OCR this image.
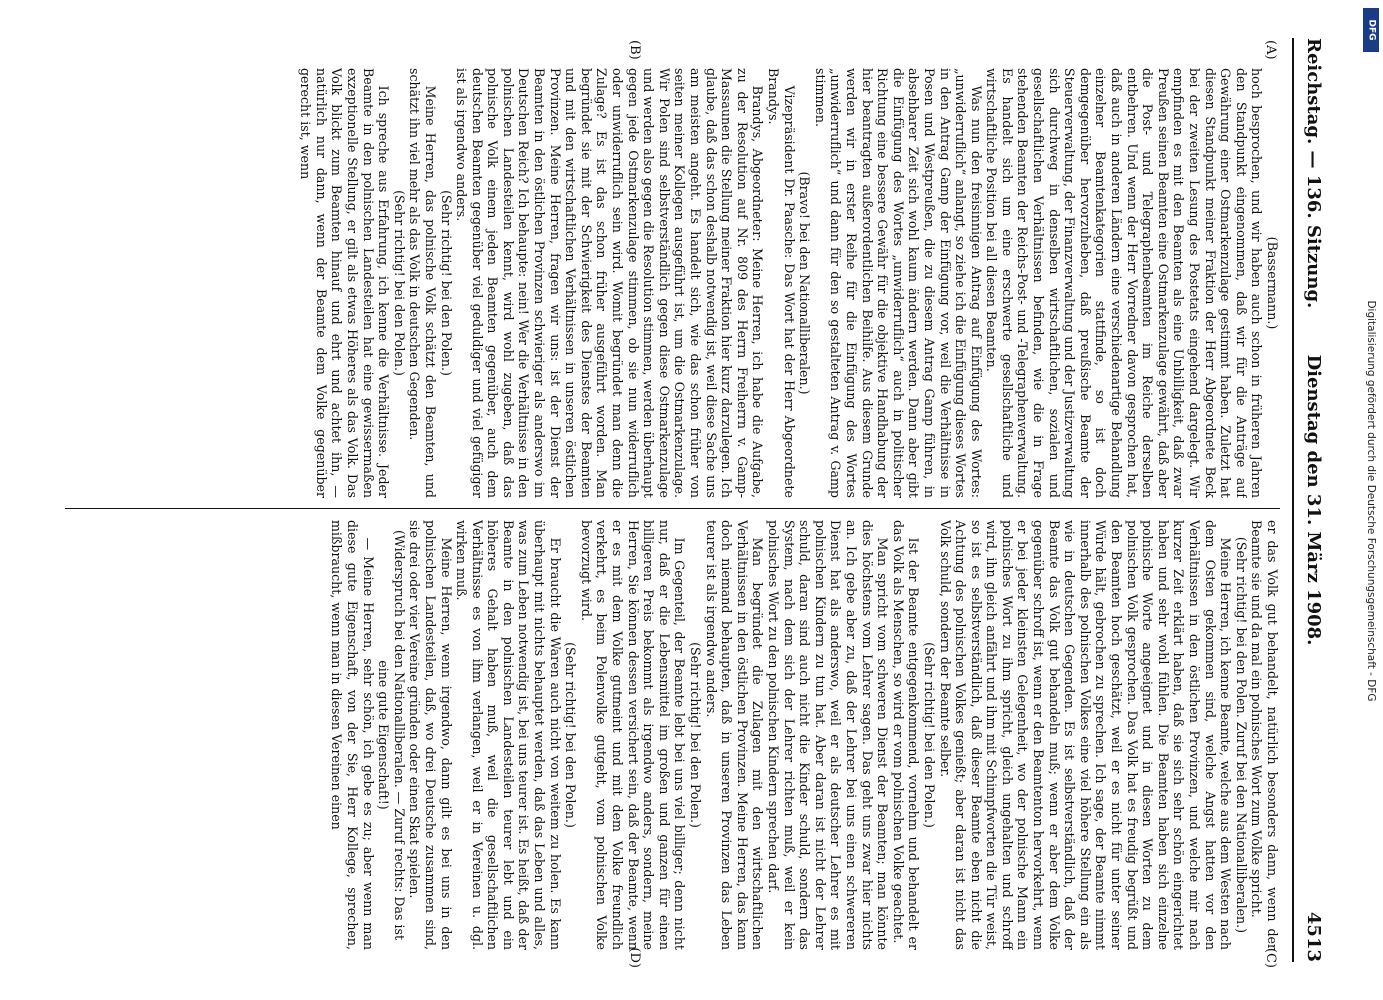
Reichstag. — 136. Sitzung.
Dienstag den 31. März 1908.
4513
(A)
(B)
(C)
(D)

(Bassermann.)

hoch besprochen, und wir haben auch schon in früheren Jahren den Standpunkt eingenommen, daß wir für die Anträge auf Gewährung einer Ostmarkenzulage gestimmt haben. Zuletzt hat diesen Standpunkt meiner Fraktion der Herr Abgeordnete Beck bei der zweiten Lesung des Postetats eingehend dargelegt. Wir empfinden es mit den Beamten als eine Unbilligkeit, daß zwar Preußen seinen Beamten eine Ostmarkenzulage gewährt, daß aber die Post- und Telegraphenbeamten im Reiche derselben entbehren. Und wenn der Herr Vorredner davon gesprochen hat, daß auch in anderen Ländern eine verschiedenartige Behandlung einzelner Beamtenkategorien stattfinde, so ist doch demgegenüber hervorzuheben, daß preußische Beamte der Steuerverwaltung, der Finanzverwaltung und der Justizverwaltung sich durchweg in denselben wirtschaftlichen, sozialen und gesellschaftlichen Verhältnissen befinden, wie die in Frage stehenden Beamten der Reichs-Post- und -Telegraphenverwaltung. Es handelt sich um eine erschwerte gesellschaftliche und wirtschaftliche Position bei all diesen Beamten.

Was nun den freisinnigen Antrag auf Einfügung des Wortes: „unwiderruflich“ anlangt, so ziehe ich die Einfügung dieses Wortes in den Antrag Gamp der Einfügung vor, weil die Verhältnisse in Posen und Westpreußen, die zu diesem Antrag Gamp führen, in absehbarer Zeit sich wohl kaum ändern werden. Dann aber gibt die Einfügung des Wortes „unwiderruflich“ auch in politischer Richtung eine bessere Gewähr für die objektive Handhabung der hier beantragten außerordentlichen Beihilfe. Aus diesem Grunde werden wir in erster Reihe für die Einfügung des Wortes „unwiderruflich“ und dann für den so gestalteten Antrag v. Gamp stimmen.

(Bravo! bei den Nationalliberalen.)

Vizepräsident Dr. Paasche: Das Wort hat der Herr Abgeordnete Brandys.

Brandys, Abgeordneter: Meine Herren, ich habe die Aufgabe, zu der Resolution auf Nr. 809 des Herrn Freiherrn v. Gamp-Massaunen die Stellung meiner Fraktion hier kurz darzulegen. Ich glaube, daß das schon deshalb notwendig ist, weil diese Sache uns am meisten angeht. Es handelt sich, wie das schon früher von seiten meiner Kollegen ausgeführt ist, um die Ostmarkenzulage. Wir Polen sind selbstverständlich gegen diese Ostmarkenzulage und werden also gegen die Resolution stimmen, werden überhaupt gegen jede Ostmarkenzulage stimmen, ob sie nun widerruflich oder unwiderruflich sein wird. Womit begründet man denn die Zulage? Es ist das schon früher ausgeführt worden. Man begründet sie mit der Schwierigkeit des Dienstes der Beamten und mit den wirtschaftlichen Verhältnissen in unseren östlichen Provinzen. Meine Herren, fragen wir uns: ist der Dienst der Beamten in den östlichen Provinzen schwieriger als anderswo im Deutschen Reich? Ich behaupte: nein! Wer die Verhältnisse in den polnischen Landesteilen kennt, wird wohl zugeben, daß das polnische Volk einem jeden Beamten gegenüber, auch dem deutschen Beamten gegenüber viel geduldiger und viel gefügiger ist als irgendwo anders.

(Sehr richtig! bei den Polen.)

Meine Herren, das polnische Volk schätzt den Beamten, und schätzt ihn viel mehr als das Volk in deutschen Gegenden.

(Sehr richtig! bei den Polen.)

Ich spreche aus Erfahrung, ich kenne die Verhältnisse. Jeder Beamte in den polnischen Landesteilen hat eine gewissermaßen exzeptionelle Stellung, er gilt als etwas Höheres als das Volk. Das Volk blickt zum Beamten hinauf und ehrt und achtet ihn, — natürlich nur dann, wenn der Beamte dem Volke gegenüber gerecht ist, wenn

er das Volk gut behandelt, natürlich besonders dann, wenn der Beamte sie und da mal ein polnisches Wort zum Volke spricht.

(Sehr richtig! bei den Polen. Zuruf bei den Nationalliberalen.)

Meine Herren, ich kenne Beamte, welche aus dem Westen nach dem Osten gekommen sind, welche Angst hatten vor den Verhältnissen in den östlichen Provinzen, und welche mir nach kurzer Zeit erklärt haben, daß sie sich sehr schön eingerichtet haben und sehr wohl fühlen. Die Beamten haben sich einzelne polnische Worte angeeignet und in diesen Worten zu dem polnischen Volk gesprochen. Das Volk hat es freudig begrüßt und den Beamten hoch geschätzt, weil er es nicht für unter seiner Würde hält, gebrochen zu sprechen. Ich sage, der Beamte nimmt innerhalb des polnischen Volkes eine viel höhere Stellung ein als wie in deutschen Gegenden. Es ist selbstverständlich, daß der Beamte das Volk gut behandeln muß; wenn er aber dem Volke gegenüber schroff ist, wenn er den Beamtenton hervorkehrt, wenn er bei jeder kleinsten Gelegenheit, wo der polnische Mann ein polnisches Wort zu ihm spricht, gleich ungehalten und schroff wird, ihn gleich anfährt und ihm mit Schimpfworten die Tür weist, so ist es selbstverständlich, daß dieser Beamte eben nicht die Achtung des polnischen Volkes genießt; aber daran ist nicht das Volk schuld, sondern der Beamte selber.

(Sehr richtig! bei den Polen.)

Ist der Beamte entgegenkommend, vornehm und behandelt er das Volk als Menschen, so wird er vom polnischen Volke geachtet.

Man spricht vom schweren Dienst der Beamten; man könnte dies höchstens vom Lehrer sagen. Das geht uns zwar hier nichts an. Ich gebe aber zu, daß der Lehrer bei uns einen schwereren Dienst hat als anderswo, weil er als deutscher Lehrer es mit polnischen Kindern zu tun hat. Aber daran ist nicht der Lehrer schuld, daran sind auch nicht die Kinder schuld, sondern das System, nach dem sich der Lehrer richten muß, weil er kein polnisches Wort zu den polnischen Kindern sprechen darf.

Man begründet die Zulagen mit den wirtschaftlichen Verhältnissen in den östlichen Provinzen. Meine Herren, das kann doch niemand behaupten, daß in unseren Provinzen das Leben teurer ist als irgendwo anders.

(Sehr richtig! bei den Polen.)

Im Gegenteil, der Beamte lebt bei uns viel billiger; denn nicht nur, daß er die Lebensmittel im großen und ganzen für einen billigeren Preis bekommt als irgendwo anders, sondern, meine Herren, Sie können dessen versichert sein, daß der Beamte, wenn er es mit dem Volke gutmeint und mit dem Volke freundlich verkehrt, es beim Polenvolke gutgeht, vom polnischen Volke bevorzugt wird.

(Sehr richtig! bei den Polen.)

Er braucht die Waren auch nicht von weitem zu holen. Es kann überhaupt mit nichts behauptet werden, daß das Leben und alles, was zum Leben notwendig ist, bei uns teurer ist. Es heißt, daß der Beamte in den polnischen Landesteilen teurer lebt und ein höheres Gehalt haben muß, weil die gesellschaftlichen Verhältnisse es von ihm verlangen, weil er in Vereinen u. dgl. wirken muß.

Meine Herren, wenn irgendwo, dann gilt es bei uns in den polnischen Landesteilen, daß, wo drei Deutsche zusammen sind, sie drei oder vier Vereine gründen oder einen Skat spielen.

(Widerspruch bei den Nationalliberalen. — Zuruf rechts: Das ist eine gute Eigenschaft!)

— Meine Herren, sehr schön, ich gebe es zu; aber wenn man diese gute Eigenschaft, von der Sie, Herr Kollege, sprechen, mißbraucht, wenn man in diesen Vereinen einen

DFG
Digitalisierung gefördert durch die Deutsche Forschungsgemeinschaft - DFG
